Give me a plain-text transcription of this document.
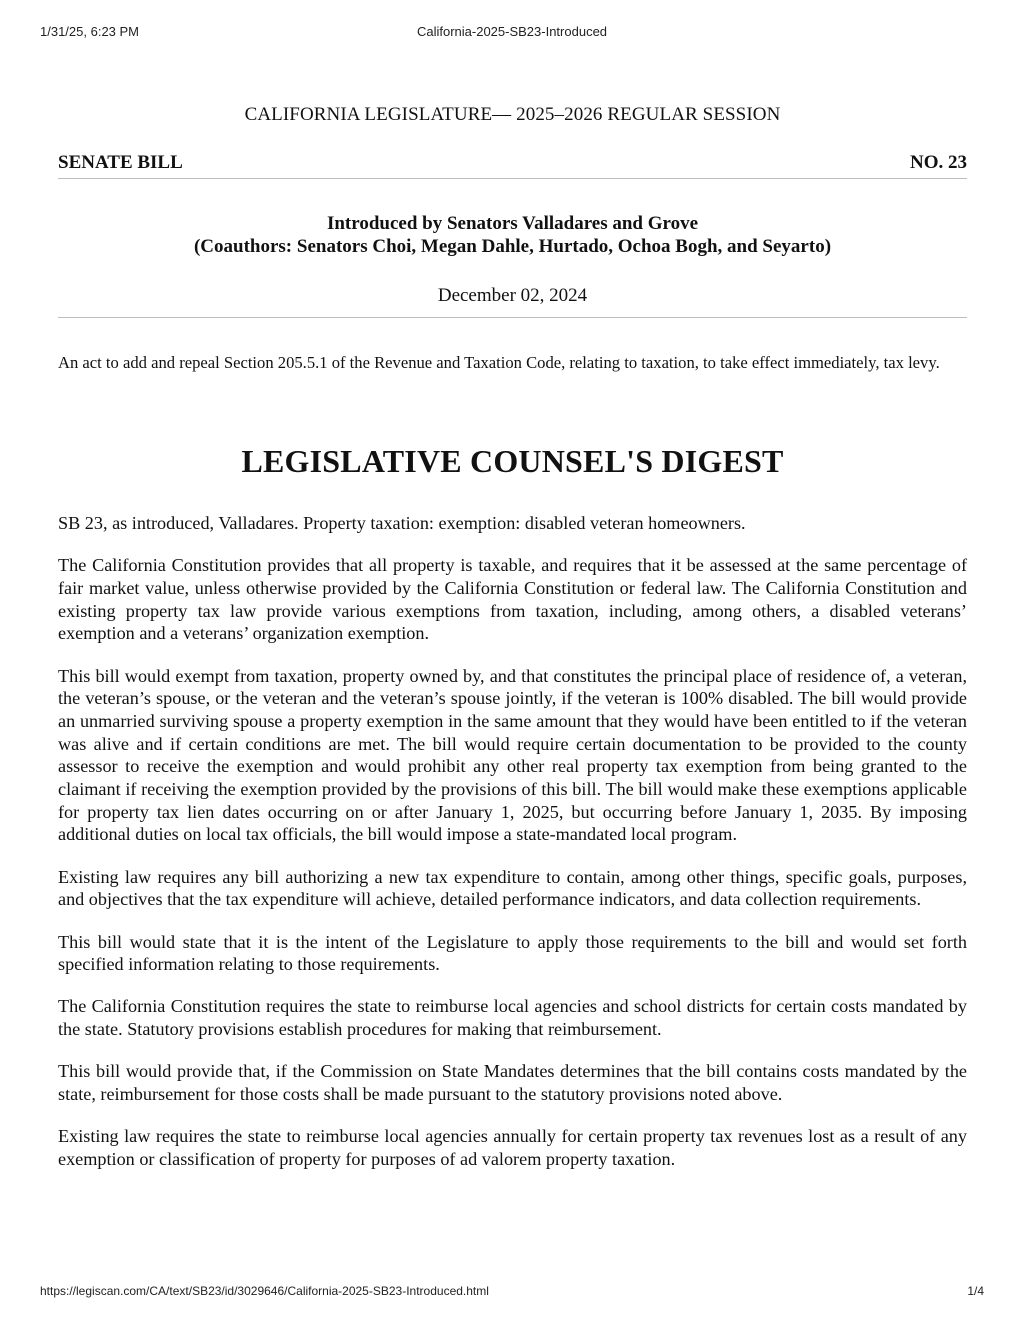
1/31/25, 6:23 PM	California-2025-SB23-Introduced

CALIFORNIA LEGISLATURE— 2025–2026 REGULAR SESSION

SENATE BILL	NO. 23
Introduced by Senators Valladares and Grove
(Coauthors: Senators Choi, Megan Dahle, Hurtado, Ochoa Bogh, and Seyarto)
December 02, 2024

An act to add and repeal Section 205.5.1 of the Revenue and Taxation Code, relating to taxation, to take effect immediately, tax levy.

LEGISLATIVE COUNSEL'S DIGEST

SB 23, as introduced, Valladares. Property taxation: exemption: disabled veteran homeowners.

The California Constitution provides that all property is taxable, and requires that it be assessed at the same percentage of fair market value, unless otherwise provided by the California Constitution or federal law. The California Constitution and existing property tax law provide various exemptions from taxation, including, among others, a disabled veterans’ exemption and a veterans’ organization exemption.

This bill would exempt from taxation, property owned by, and that constitutes the principal place of residence of, a veteran, the veteran’s spouse, or the veteran and the veteran’s spouse jointly, if the veteran is 100% disabled. The bill would provide an unmarried surviving spouse a property exemption in the same amount that they would have been entitled to if the veteran was alive and if certain conditions are met. The bill would require certain documentation to be provided to the county assessor to receive the exemption and would prohibit any other real property tax exemption from being granted to the claimant if receiving the exemption provided by the provisions of this bill. The bill would make these exemptions applicable for property tax lien dates occurring on or after January 1, 2025, but occurring before January 1, 2035. By imposing additional duties on local tax officials, the bill would impose a state-mandated local program.

Existing law requires any bill authorizing a new tax expenditure to contain, among other things, specific goals, purposes, and objectives that the tax expenditure will achieve, detailed performance indicators, and data collection requirements.

This bill would state that it is the intent of the Legislature to apply those requirements to the bill and would set forth specified information relating to those requirements.

The California Constitution requires the state to reimburse local agencies and school districts for certain costs mandated by the state. Statutory provisions establish procedures for making that reimbursement.

This bill would provide that, if the Commission on State Mandates determines that the bill contains costs mandated by the state, reimbursement for those costs shall be made pursuant to the statutory provisions noted above.

Existing law requires the state to reimburse local agencies annually for certain property tax revenues lost as a result of any exemption or classification of property for purposes of ad valorem property taxation.

https://legiscan.com/CA/text/SB23/id/3029646/California-2025-SB23-Introduced.html	1/4
